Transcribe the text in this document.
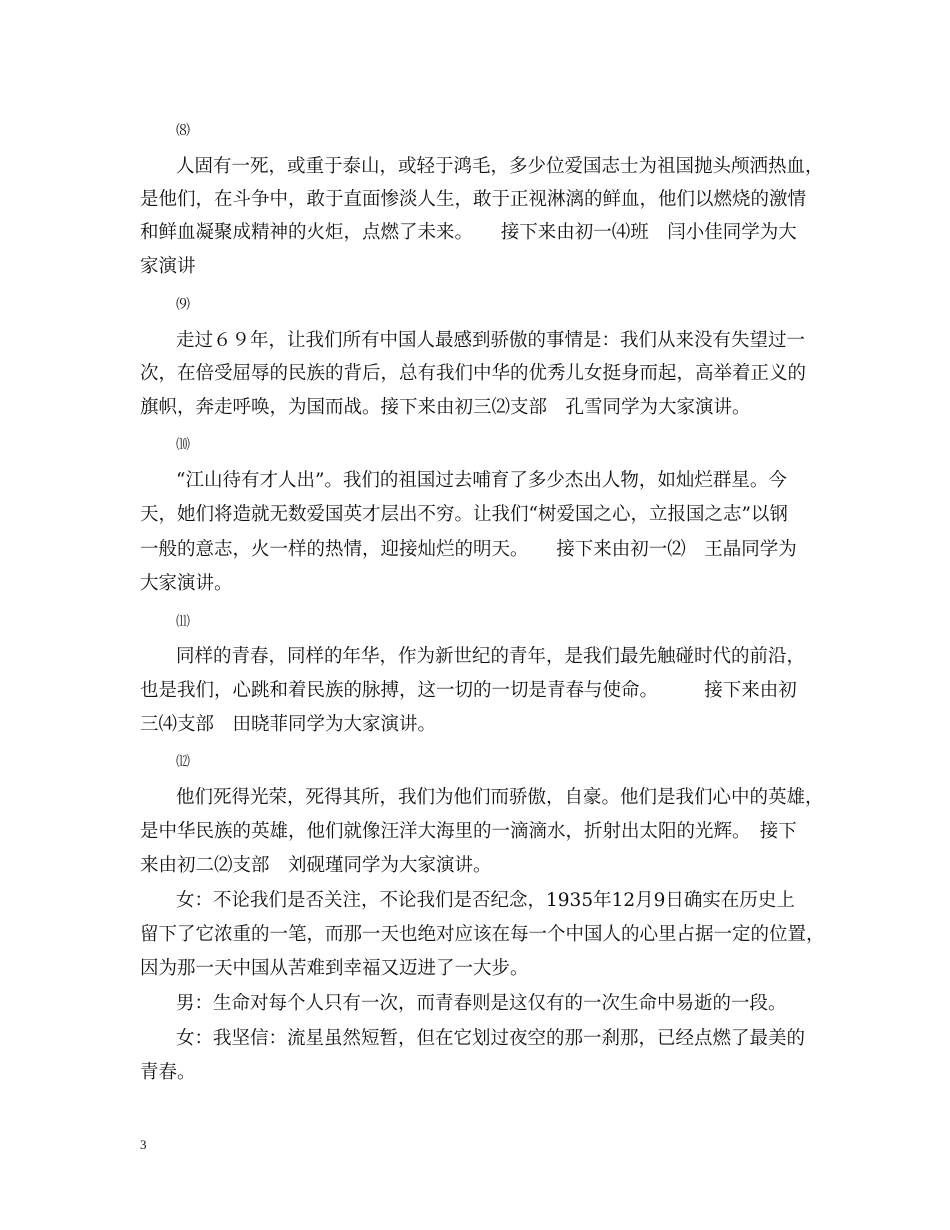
⑻
人固有一死，或重于泰山，或轻于鸿毛，多少位爱国志士为祖国抛头颅洒热血，
是他们，在斗争中，敢于直面惨淡人生，敢于正视淋漓的鲜血，他们以燃烧的激情
和鲜血凝聚成精神的火炬，点燃了未来。　　接下来由初一⑷班　闫小佳同学为大
家演讲
⑼
走过６９年，让我们所有中国人最感到骄傲的事情是：我们从来没有失望过一
次，在倍受屈辱的民族的背后，总有我们中华的优秀儿女挺身而起，高举着正义的
旗帜，奔走呼唤，为国而战。接下来由初三⑵支部　孔雪同学为大家演讲。
⑽
“江山待有才人出”。我们的祖国过去哺育了多少杰出人物，如灿烂群星。今
天，她们将造就无数爱国英才层出不穷。让我们“树爱国之心，立报国之志”以钢
一般的意志，火一样的热情，迎接灿烂的明天。　　接下来由初一⑵　王晶同学为
大家演讲。
⑾
同样的青春，同样的年华，作为新世纪的青年，是我们最先触碰时代的前沿，
也是我们，心跳和着民族的脉搏，这一切的一切是青春与使命。　　　接下来由初
三⑷支部　田晓菲同学为大家演讲。
⑿
他们死得光荣，死得其所，我们为他们而骄傲，自豪。他们是我们心中的英雄，
是中华民族的英雄，他们就像汪洋大海里的一滴滴水，折射出太阳的光辉。　接下
来由初二⑵支部　刘砚瑾同学为大家演讲。
女：不论我们是否关注，不论我们是否纪念，1935年12月9日确实在历史上
留下了它浓重的一笔，而那一天也绝对应该在每一个中国人的心里占据一定的位置，
因为那一天中国从苦难到幸福又迈进了一大步。
男：生命对每个人只有一次，而青春则是这仅有的一次生命中易逝的一段。
女：我坚信：流星虽然短暂，但在它划过夜空的那一刹那，已经点燃了最美的
青春。
3
